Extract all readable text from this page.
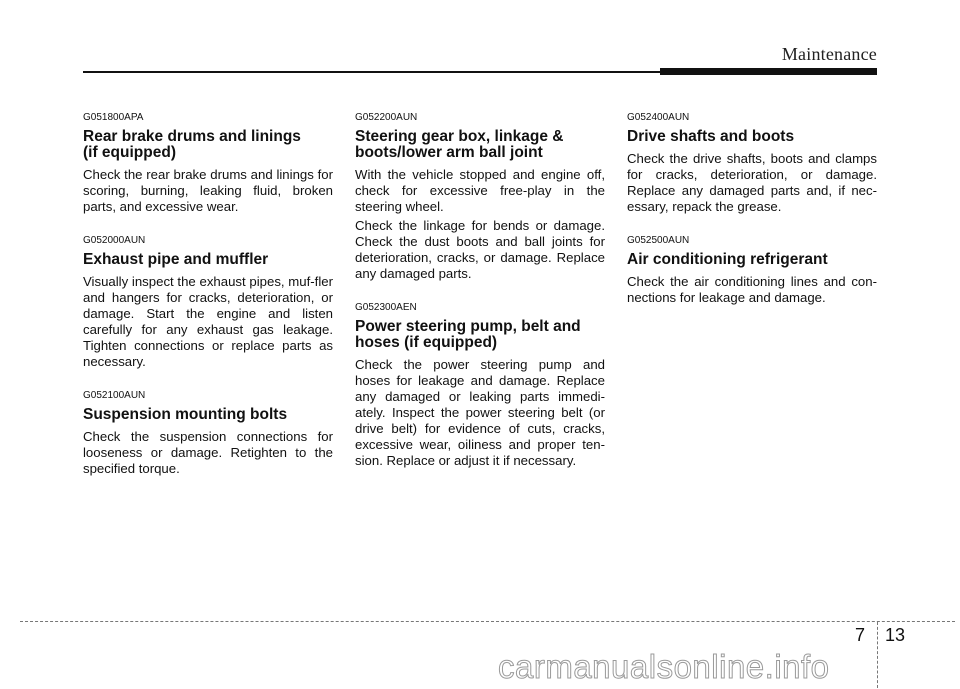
Maintenance
G051800APA
Rear brake drums and linings
(if equipped)

Check the rear brake drums and linings for scoring, burning, leaking fluid, broken parts, and excessive wear.

G052000AUN
Exhaust pipe and muffler

Visually inspect the exhaust pipes, muf-fler and hangers for cracks, deterioration, or damage. Start the engine and listen carefully for any exhaust gas leakage. Tighten connections or replace parts as necessary.

G052100AUN
Suspension mounting bolts

Check the suspension connections for looseness or damage. Retighten to the specified torque.

G052200AUN
Steering gear box, linkage &
boots/lower arm ball joint

With the vehicle stopped and engine off, check for excessive free-play in the steering wheel.

Check the linkage for bends or damage. Check the dust boots and ball joints for deterioration, cracks, or damage. Replace any damaged parts.

G052300AEN
Power steering pump, belt and
hoses (if equipped)

Check the power steering pump and hoses for leakage and damage. Replace any damaged or leaking parts immedi-ately. Inspect the power steering belt (or drive belt) for evidence of cuts, cracks, excessive wear, oiliness and proper ten-sion. Replace or adjust it if necessary.

G052400AUN
Drive shafts and boots

Check the drive shafts, boots and clamps for cracks, deterioration, or damage. Replace any damaged parts and, if nec-essary, repack the grease.

G052500AUN
Air conditioning refrigerant

Check the air conditioning lines and con-nections for leakage and damage.

7 13
carmanualsonline.info
